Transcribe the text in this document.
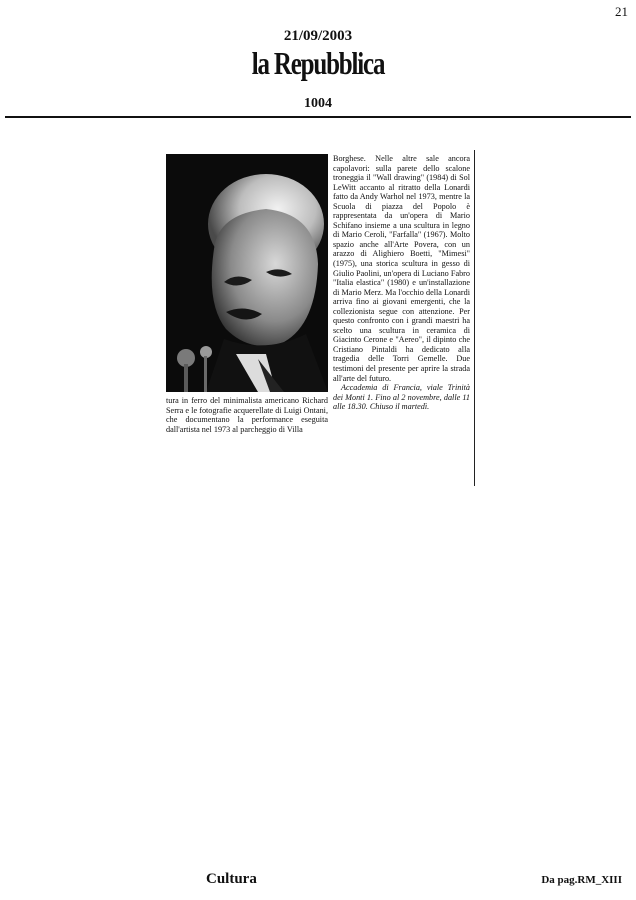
21
21/09/2003
la Repubblica
1004
tura in ferro del minimalista americano Richard Serra e le fotografie acquerellate di Luigi Ontani, che documentano la performance eseguita dall'artista nel 1973 al parcheggio di Villa

Borghese. Nelle altre sale ancora capolavori: sulla parete dello scalone troneggia il "Wall drawing" (1984) di Sol LeWitt accanto al ritratto della Lonardi fatto da Andy Warhol nel 1973, mentre la Scuola di piazza del Popolo è rappresentata da un'opera di Mario Schifano insieme a una scultura in legno di Mario Ceroli, "Farfalla" (1967). Molto spazio anche all'Arte Povera, con un arazzo di Alighiero Boetti, "Mimesi" (1975), una storica scultura in gesso di Giulio Paolini, un'opera di Luciano Fabro "Italia elastica" (1980) e un'installazione di Mario Merz. Ma l'occhio della Lonardi arriva fino ai giovani emergenti, che la collezionista segue con attenzione. Per questo confronto con i grandi maestri ha scelto una scultura in ceramica di Giacinto Cerone e "Aereo", il dipinto che Cristiano Pintaldi ha dedicato alla tragedia delle Torri Gemelle. Due testimoni del presente per aprire la strada all'arte del futuro.

Accademia di Francia, viale Trinità dei Monti 1. Fino al 2 novembre, dalle 11 alle 18.30. Chiuso il martedì.

Cultura	Da pag.RM_XIII
